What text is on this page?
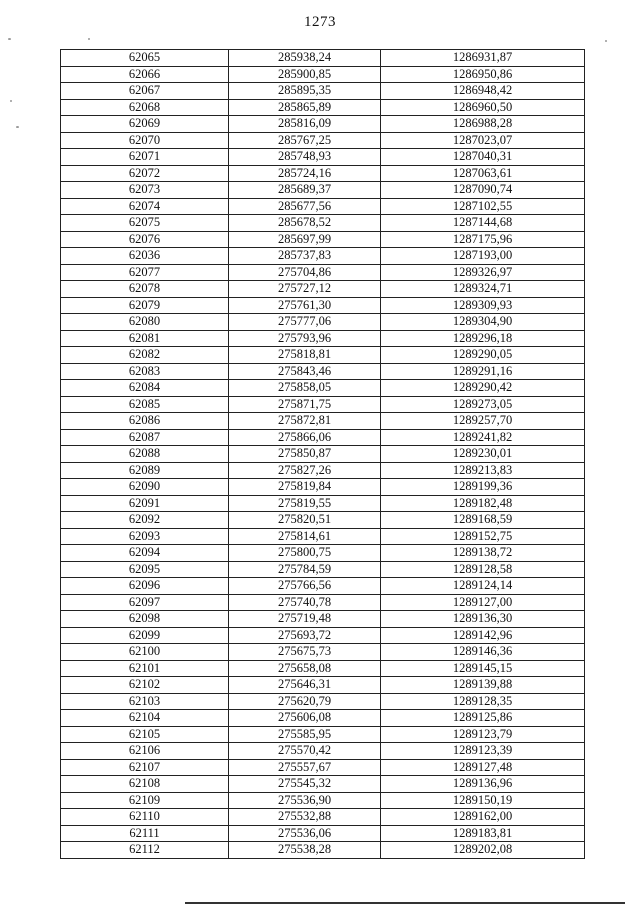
1273
62065	285938,24	1286931,87
62066	285900,85	1286950,86
62067	285895,35	1286948,42
62068	285865,89	1286960,50
62069	285816,09	1286988,28
62070	285767,25	1287023,07
62071	285748,93	1287040,31
62072	285724,16	1287063,61
62073	285689,37	1287090,74
62074	285677,56	1287102,55
62075	285678,52	1287144,68
62076	285697,99	1287175,96
62036	285737,83	1287193,00
62077	275704,86	1289326,97
62078	275727,12	1289324,71
62079	275761,30	1289309,93
62080	275777,06	1289304,90
62081	275793,96	1289296,18
62082	275818,81	1289290,05
62083	275843,46	1289291,16
62084	275858,05	1289290,42
62085	275871,75	1289273,05
62086	275872,81	1289257,70
62087	275866,06	1289241,82
62088	275850,87	1289230,01
62089	275827,26	1289213,83
62090	275819,84	1289199,36
62091	275819,55	1289182,48
62092	275820,51	1289168,59
62093	275814,61	1289152,75
62094	275800,75	1289138,72
62095	275784,59	1289128,58
62096	275766,56	1289124,14
62097	275740,78	1289127,00
62098	275719,48	1289136,30
62099	275693,72	1289142,96
62100	275675,73	1289146,36
62101	275658,08	1289145,15
62102	275646,31	1289139,88
62103	275620,79	1289128,35
62104	275606,08	1289125,86
62105	275585,95	1289123,79
62106	275570,42	1289123,39
62107	275557,67	1289127,48
62108	275545,32	1289136,96
62109	275536,90	1289150,19
62110	275532,88	1289162,00
62111	275536,06	1289183,81
62112	275538,28	1289202,08
